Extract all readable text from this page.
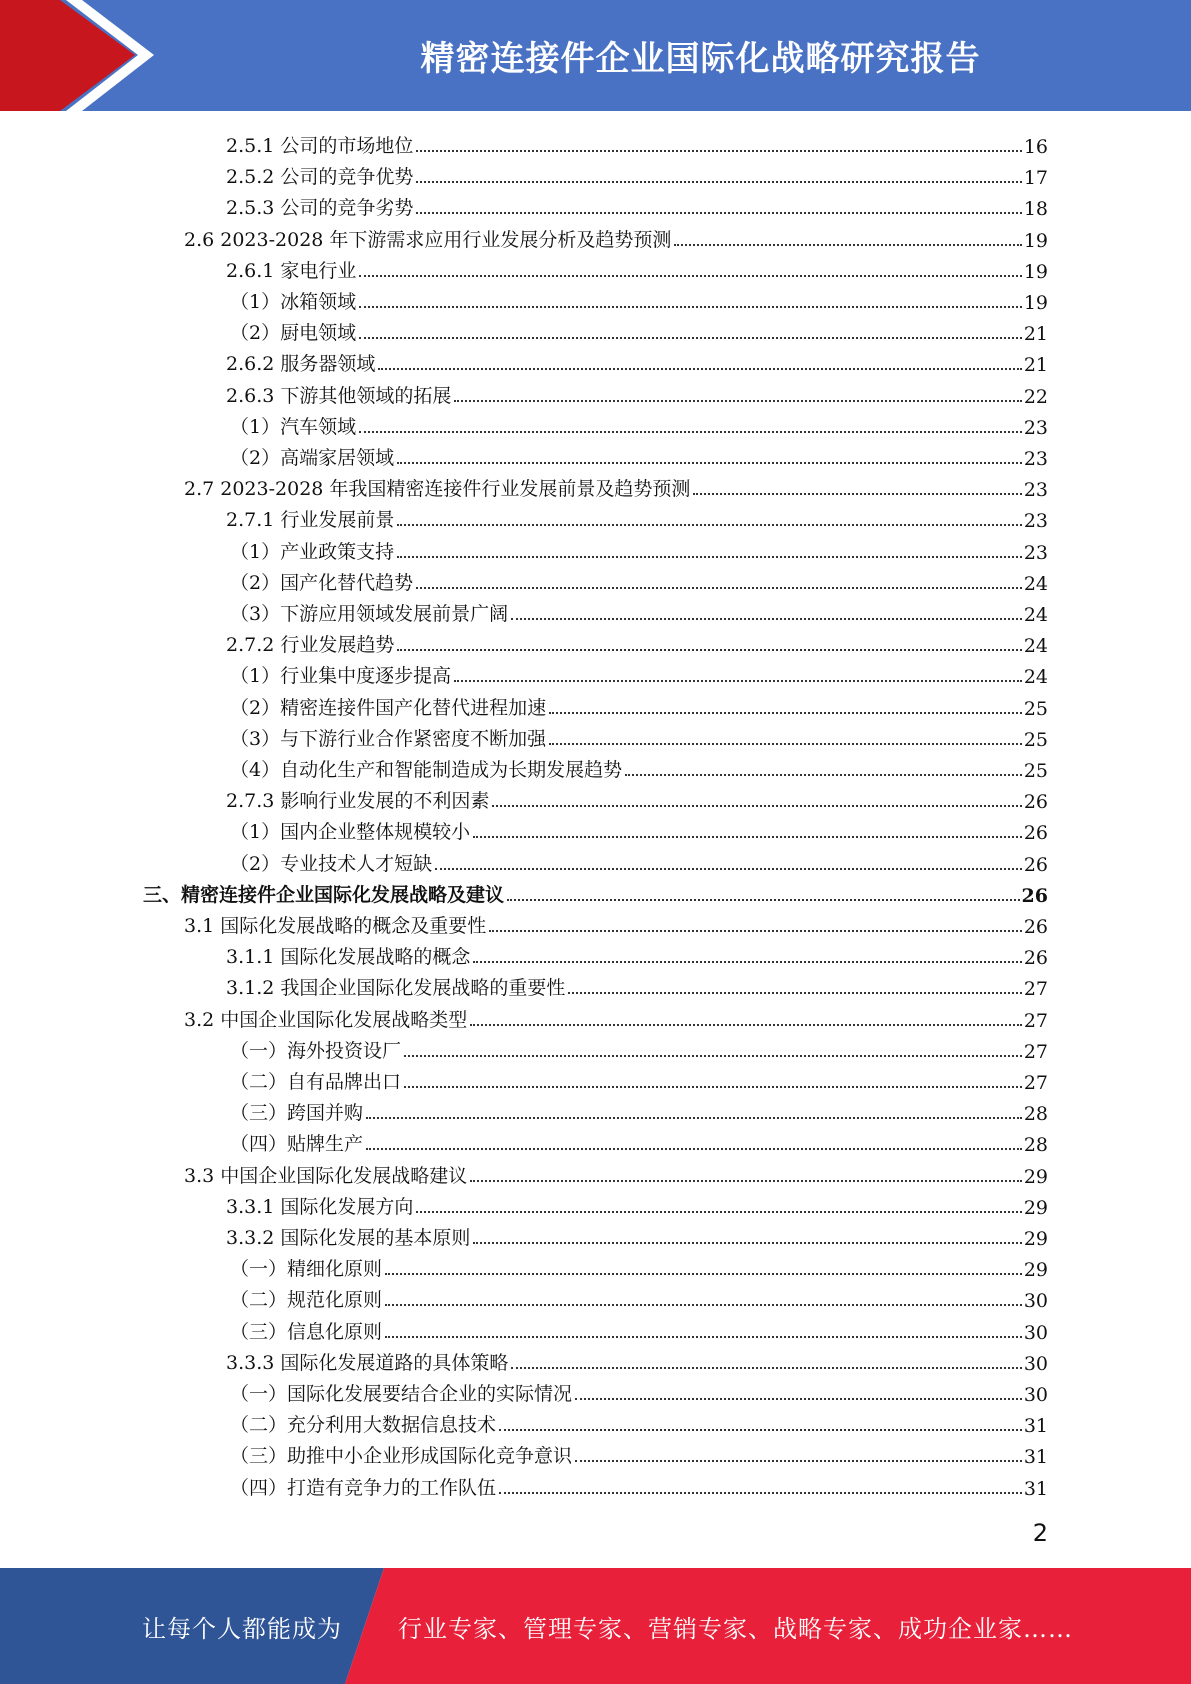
精密连接件企业国际化战略研究报告
2.5.1 公司的市场地位	16
2.5.2 公司的竞争优势	17
2.5.3 公司的竞争劣势	18
2.6 2023-2028 年下游需求应用行业发展分析及趋势预测	19
2.6.1 家电行业	19
（1）冰箱领域	19
（2）厨电领域	21
2.6.2 服务器领域	21
2.6.3 下游其他领域的拓展	22
（1）汽车领域	23
（2）高端家居领域	23
2.7 2023-2028 年我国精密连接件行业发展前景及趋势预测	23
2.7.1 行业发展前景	23
（1）产业政策支持	23
（2）国产化替代趋势	24
（3）下游应用领域发展前景广阔	24
2.7.2 行业发展趋势	24
（1）行业集中度逐步提高	24
（2）精密连接件国产化替代进程加速	25
（3）与下游行业合作紧密度不断加强	25
（4）自动化生产和智能制造成为长期发展趋势	25
2.7.3 影响行业发展的不利因素	26
（1）国内企业整体规模较小	26
（2）专业技术人才短缺	26
三、精密连接件企业国际化发展战略及建议	26
3.1 国际化发展战略的概念及重要性	26
3.1.1 国际化发展战略的概念	26
3.1.2 我国企业国际化发展战略的重要性	27
3.2 中国企业国际化发展战略类型	27
（一）海外投资设厂	27
（二）自有品牌出口	27
（三）跨国并购	28
（四）贴牌生产	28
3.3 中国企业国际化发展战略建议	29
3.3.1 国际化发展方向	29
3.3.2 国际化发展的基本原则	29
（一）精细化原则	29
（二）规范化原则	30
（三）信息化原则	30
3.3.3 国际化发展道路的具体策略	30
（一）国际化发展要结合企业的实际情况	30
（二）充分利用大数据信息技术	31
（三）助推中小企业形成国际化竞争意识	31
（四）打造有竞争力的工作队伍	31
2
让每个人都能成为 行业专家、管理专家、营销专家、战略专家、成功企业家……
